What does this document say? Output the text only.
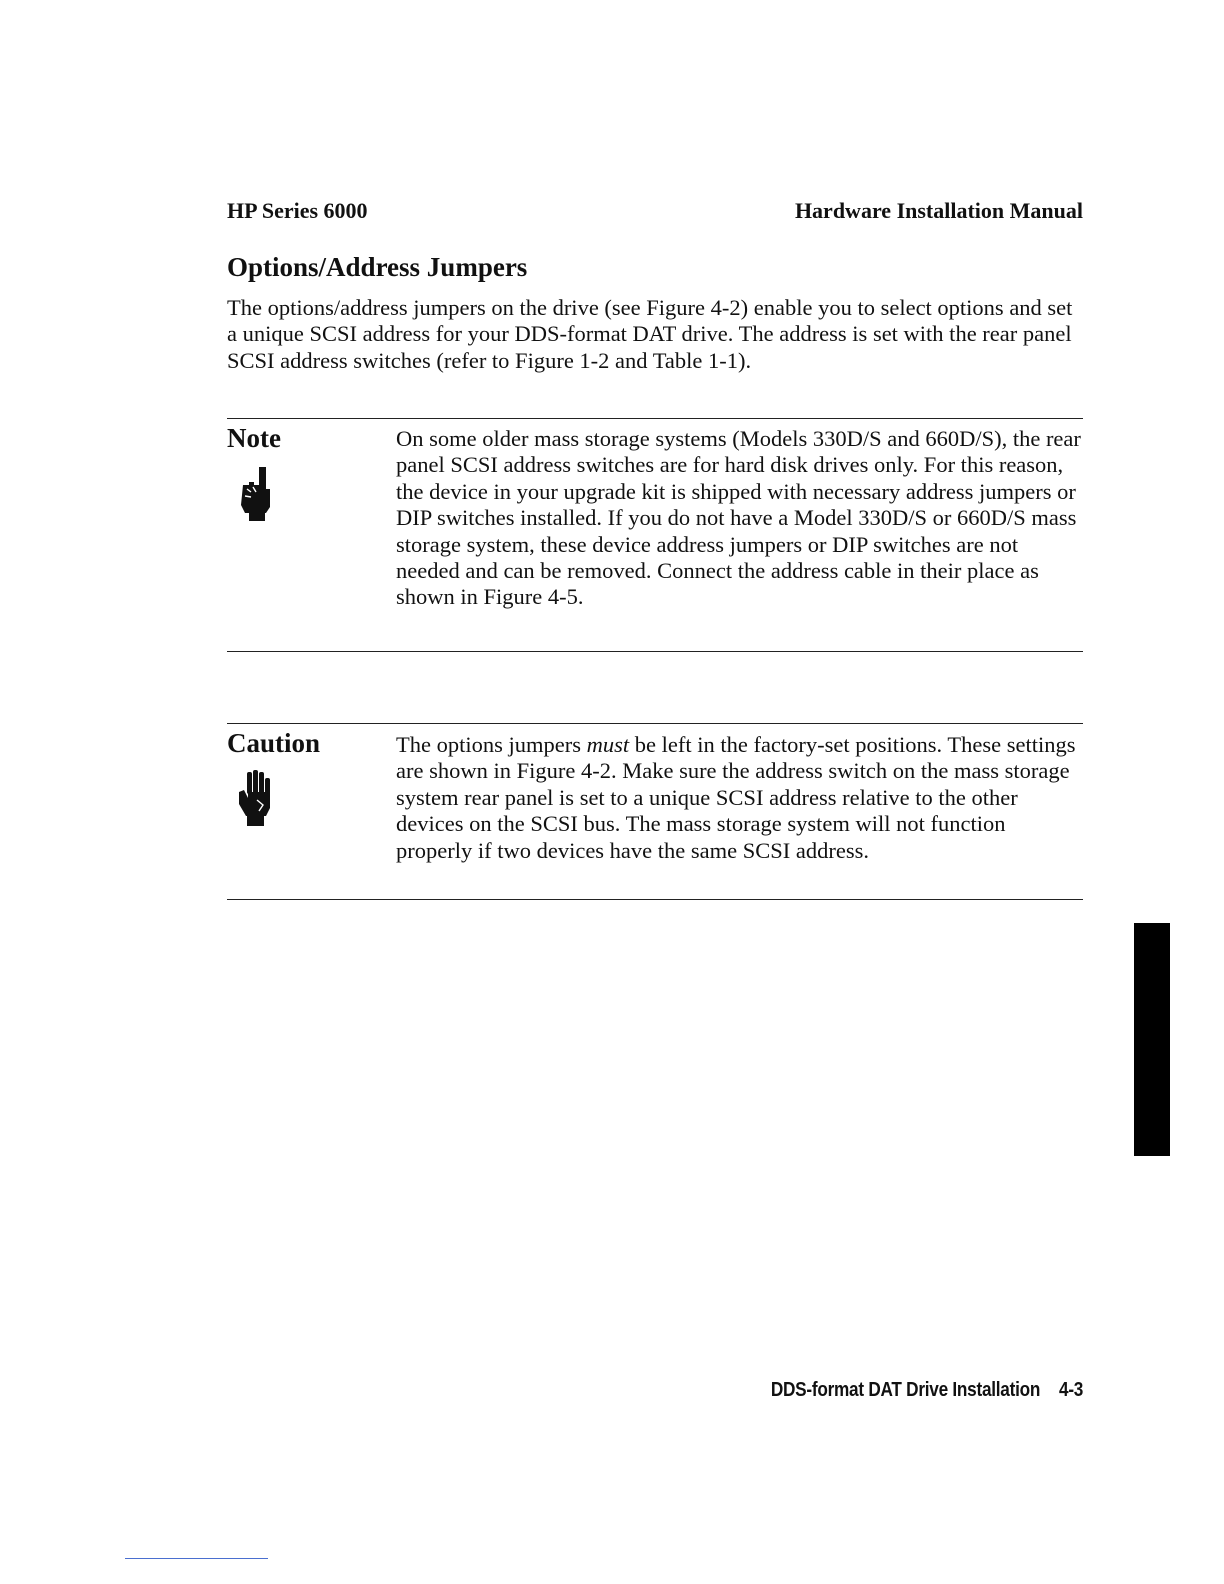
HP Series 6000	Hardware Installation Manual
Options/Address Jumpers

The options/address jumpers on the drive (see Figure 4-2) enable you to select options and set a unique SCSI address for your DDS-format DAT drive. The address is set with the rear panel SCSI address switches (refer to Figure 1-2 and Table 1-1).

Note	On some older mass storage systems (Models 330D/S and 660D/S), the rear panel SCSI address switches are for hard disk drives only. For this reason, the device in your upgrade kit is shipped with necessary address jumpers or DIP switches installed. If you do not have a Model 330D/S or 660D/S mass storage system, these device address jumpers or DIP switches are not needed and can be removed. Connect the address cable in their place as shown in Figure 4-5.

Caution	The options jumpers must be left in the factory-set positions. These settings are shown in Figure 4-2. Make sure the address switch on the mass storage system rear panel is set to a unique SCSI address relative to the other devices on the SCSI bus. The mass storage system will not function properly if two devices have the same SCSI address.

DDS-format DAT Drive Installation 4-3
